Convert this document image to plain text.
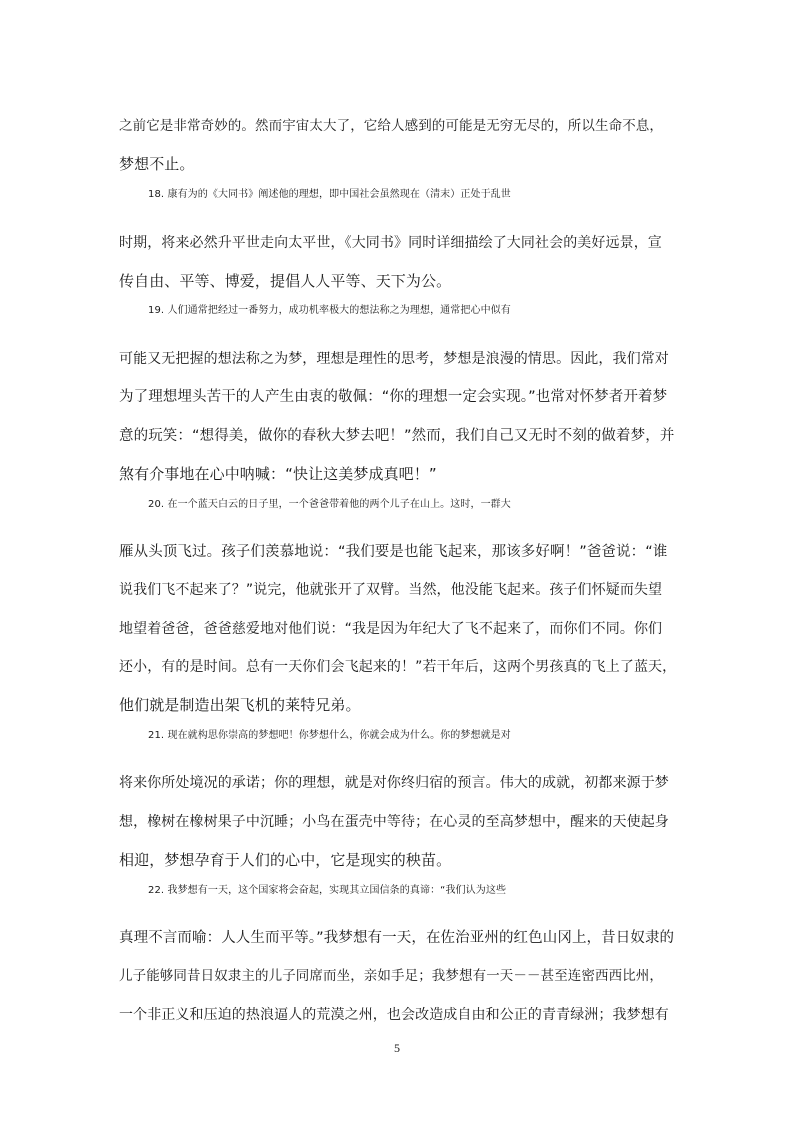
之前它是非常奇妙的。然而宇宙太大了，它给人感到的可能是无穷无尽的，所以生命不息，
梦想不止。
18. 康有为的《大同书》阐述他的理想，即中国社会虽然现在（清末）正处于乱世
时期，将来必然升平世走向太平世，《大同书》同时详细描绘了大同社会的美好远景，宣
传自由、平等、博爱，提倡人人平等、天下为公。
19. 人们通常把经过一番努力，成功机率极大的想法称之为理想，通常把心中似有
可能又无把握的想法称之为梦，理想是理性的思考，梦想是浪漫的情思。因此，我们常对
为了理想埋头苦干的人产生由衷的敬佩：“你的理想一定会实现。”也常对怀梦者开着梦
意的玩笑：“想得美，做你的春秋大梦去吧！”然而，我们自己又无时不刻的做着梦，并
煞有介事地在心中呐喊：“快让这美梦成真吧！”
20. 在一个蓝天白云的日子里，一个爸爸带着他的两个儿子在山上。这时，一群大
雁从头顶飞过。孩子们羡慕地说：“我们要是也能飞起来，那该多好啊！”爸爸说：“谁
说我们飞不起来了？”说完，他就张开了双臂。当然，他没能飞起来。孩子们怀疑而失望
地望着爸爸，爸爸慈爱地对他们说：“我是因为年纪大了飞不起来了，而你们不同。你们
还小，有的是时间。总有一天你们会飞起来的！”若干年后，这两个男孩真的飞上了蓝天，
他们就是制造出架飞机的莱特兄弟。
21. 现在就构思你崇高的梦想吧！你梦想什么，你就会成为什么。你的梦想就是对
将来你所处境况的承诺；你的理想，就是对你终归宿的预言。伟大的成就，初都来源于梦
想，橡树在橡树果子中沉睡；小鸟在蛋壳中等待；在心灵的至高梦想中，醒来的天使起身
相迎，梦想孕育于人们的心中，它是现实的秧苗。
22. 我梦想有一天，这个国家将会奋起，实现其立国信条的真谛：“我们认为这些
真理不言而喻：人人生而平等。”我梦想有一天，在佐治亚州的红色山冈上，昔日奴隶的
儿子能够同昔日奴隶主的儿子同席而坐，亲如手足；我梦想有一天－－甚至连密西西比州，
一个非正义和压迫的热浪逼人的荒漠之州，也会改造成自由和公正的青青绿洲；我梦想有
5
